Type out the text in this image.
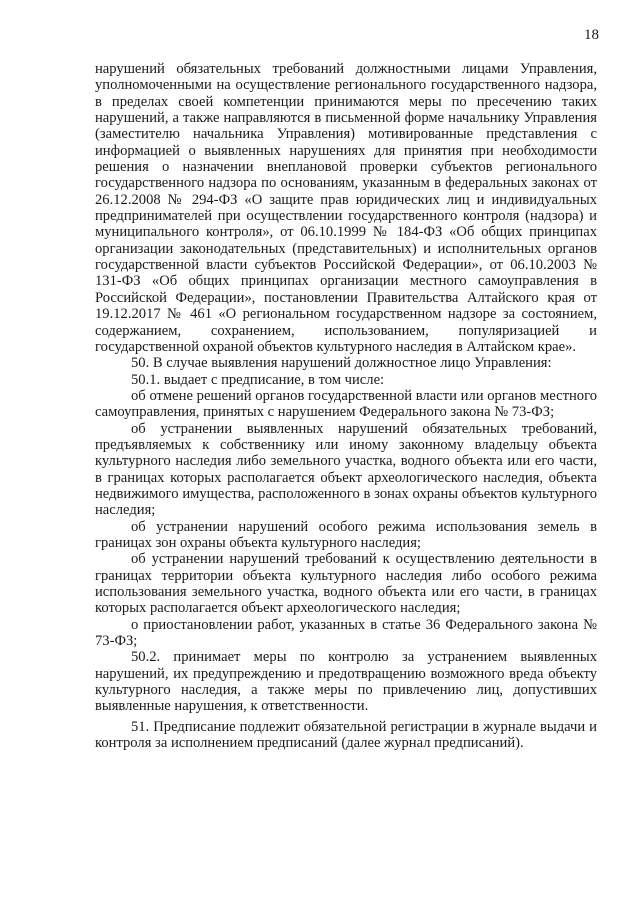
18

нарушений обязательных требований должностными лицами Управления, уполномоченными на осуществление регионального государственного надзора, в пределах своей компетенции принимаются меры по пресечению таких нарушений, а также направляются в письменной форме начальнику Управления (заместителю начальника Управления) мотивированные представления с информацией о выявленных нарушениях для принятия при необходимости решения о назначении внеплановой проверки субъектов регионального государственного надзора по основаниям, указанным в федеральных законах от 26.12.2008 № 294-ФЗ «О защите прав юридических лиц и индивидуальных предпринимателей при осуществлении государственного контроля (надзора) и муниципального контроля», от 06.10.1999 № 184-ФЗ «Об общих принципах организации законодательных (представительных) и исполнительных органов государственной власти субъектов Российской Федерации», от 06.10.2003 № 131-ФЗ «Об общих принципах организации местного самоуправления в Российской Федерации», постановлении Правительства Алтайского края от 19.12.2017 № 461 «О региональном государственном надзоре за состоянием, содержанием, сохранением, использованием, популяризацией и государственной охраной объектов культурного наследия в Алтайском крае».

50. В случае выявления нарушений должностное лицо Управления:

50.1. выдает с предписание, в том числе:

об отмене решений органов государственной власти или органов местного самоуправления, принятых с нарушением Федерального закона № 73-ФЗ;

об устранении выявленных нарушений обязательных требований, предъявляемых к собственнику или иному законному владельцу объекта культурного наследия либо земельного участка, водного объекта или его части, в границах которых располагается объект археологического наследия, объекта недвижимого имущества, расположенного в зонах охраны объектов культурного наследия;

об устранении нарушений особого режима использования земель в границах зон охраны объекта культурного наследия;

об устранении нарушений требований к осуществлению деятельности в границах территории объекта культурного наследия либо особого режима использования земельного участка, водного объекта или его части, в границах которых располагается объект археологического наследия;

о приостановлении работ, указанных в статье 36 Федерального закона № 73-ФЗ;

50.2. принимает меры по контролю за устранением выявленных нарушений, их предупреждению и предотвращению возможного вреда объекту культурного наследия, а также меры по привлечению лиц, допустивших выявленные нарушения, к ответственности.

51. Предписание подлежит обязательной регистрации в журнале выдачи и контроля за исполнением предписаний (далее журнал предписаний).
